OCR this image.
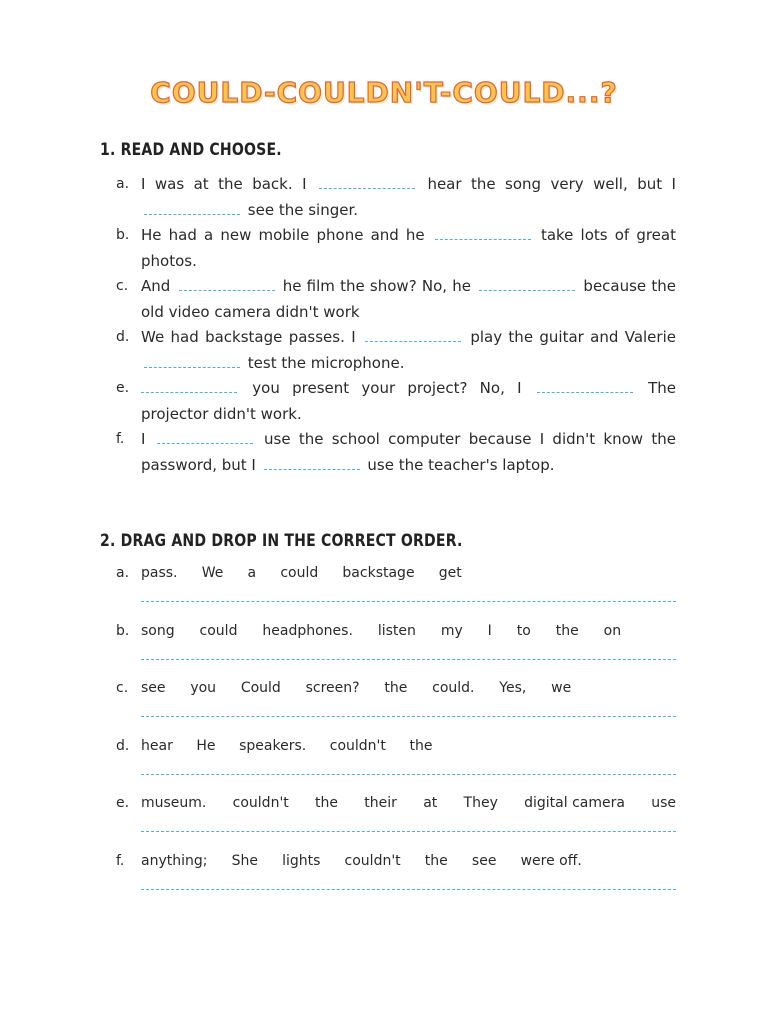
COULD-COULDN'T-COULD...?
1. READ AND CHOOSE.
a. I was at the back. I	hear the song very well, but I  see the singer.
b. He had a new mobile phone and he	take lots of great photos.
c. And	he film the show? No, he	because the old video camera didn't work
d. We had backstage passes. I	play the guitar and Valerie  test the microphone.
e.	you present your project? No, I	The projector didn't work.
f. I	use the school computer because I didn't know the password, but I	use the teacher's laptop.
2. DRAG AND DROP IN THE CORRECT ORDER.
a. pass. We a could backstage get
b. song could headphones. listen my I to the on
c. see you Could screen? the could. Yes, we
d. hear He speakers. couldn't the
e. museum. couldn't the their at They digital camera use
f. anything; She lights couldn't the see were off.
